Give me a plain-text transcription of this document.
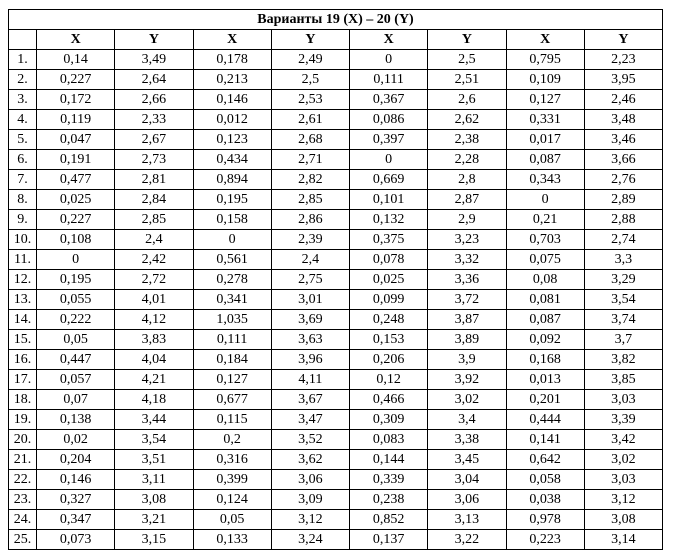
Варианты 19 (X) – 20 (Y)								
	X	Y	X	Y	X	Y	X	Y
1.	0,14	3,49	0,178	2,49	0	2,5	0,795	2,23
2.	0,227	2,64	0,213	2,5	0,111	2,51	0,109	3,95
3.	0,172	2,66	0,146	2,53	0,367	2,6	0,127	2,46
4.	0,119	2,33	0,012	2,61	0,086	2,62	0,331	3,48
5.	0,047	2,67	0,123	2,68	0,397	2,38	0,017	3,46
6.	0,191	2,73	0,434	2,71	0	2,28	0,087	3,66
7.	0,477	2,81	0,894	2,82	0,669	2,8	0,343	2,76
8.	0,025	2,84	0,195	2,85	0,101	2,87	0	2,89
9.	0,227	2,85	0,158	2,86	0,132	2,9	0,21	2,88
10.	0,108	2,4	0	2,39	0,375	3,23	0,703	2,74
11.	0	2,42	0,561	2,4	0,078	3,32	0,075	3,3
12.	0,195	2,72	0,278	2,75	0,025	3,36	0,08	3,29
13.	0,055	4,01	0,341	3,01	0,099	3,72	0,081	3,54
14.	0,222	4,12	1,035	3,69	0,248	3,87	0,087	3,74
15.	0,05	3,83	0,111	3,63	0,153	3,89	0,092	3,7
16.	0,447	4,04	0,184	3,96	0,206	3,9	0,168	3,82
17.	0,057	4,21	0,127	4,11	0,12	3,92	0,013	3,85
18.	0,07	4,18	0,677	3,67	0,466	3,02	0,201	3,03
19.	0,138	3,44	0,115	3,47	0,309	3,4	0,444	3,39
20.	0,02	3,54	0,2	3,52	0,083	3,38	0,141	3,42
21.	0,204	3,51	0,316	3,62	0,144	3,45	0,642	3,02
22.	0,146	3,11	0,399	3,06	0,339	3,04	0,058	3,03
23.	0,327	3,08	0,124	3,09	0,238	3,06	0,038	3,12
24.	0,347	3,21	0,05	3,12	0,852	3,13	0,978	3,08
25.	0,073	3,15	0,133	3,24	0,137	3,22	0,223	3,14
